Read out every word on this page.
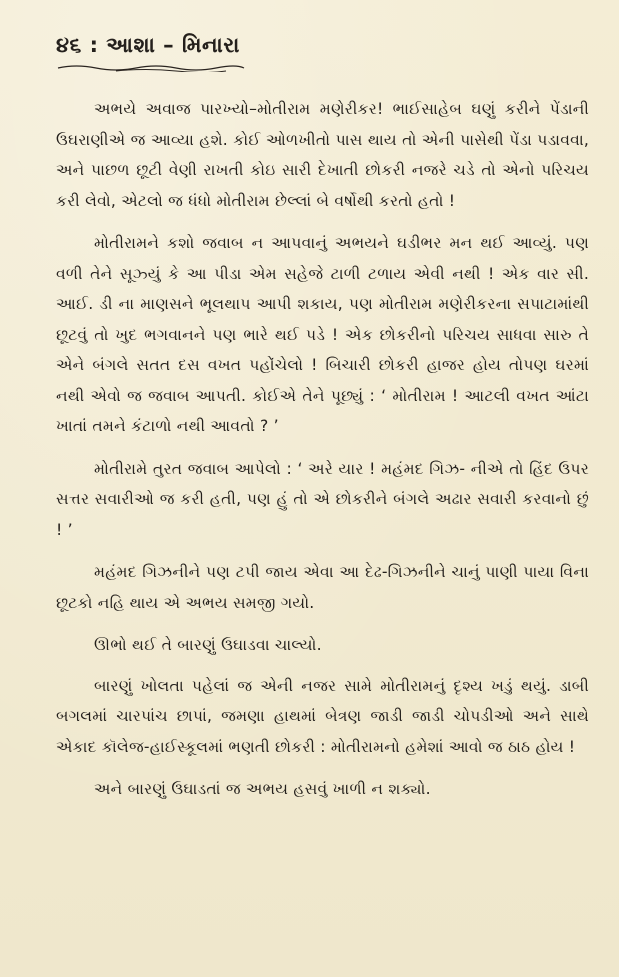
૪૬ : આશા – મિનારા

અભયે અવાજ પારખ્યો–મોતીરામ મણેરીકર! ભાઈસાહેબ ઘણું કરીને પેંડાની ઉઘરાણીએ જ આવ્યા હશે. કોઈ ઓળખીતો પાસ થાય તો એની પાસેથી પેંડા પડાવવા, અને પાછળ છૂટી વેણી રાખતી કોઇ સારી દેખાતી છોકરી નજરે ચડે તો એનો પરિચય કરી લેવો, એટલો જ ધંધો મોતીરામ છેલ્લાં બે વર્ષોથી કરતો હતો !

મોતીરામને કશો જવાબ ન આપવાનું અભયને ઘડીભર મન થઈ આવ્યું. પણ વળી તેને સૂઝ્યું કે આ પીડા એમ સહેજે ટાળી ટળાય એવી નથી ! એક વાર સી. આઈ. ડી ના માણસને ભૂલથાપ આપી શકાય, પણ મોતીરામ મણેરીકરના સપાટામાંથી છૂટવું તો ખુદ ભગવાનને પણ ભારે થઈ પડે ! એક છોકરીનો પરિચય સાધવા સારુ તે એને બંગલે સતત દસ વખત પહોંચેલો ! બિચારી છોકરી હાજર હોય તોપણ ઘરમાં નથી એવો જ જવાબ આપતી. કોઈએ તેને પૂછ્યું : ‘ મોતીરામ ! આટલી વખત આંટા ખાતાં તમને કંટાળો નથી આવતો ? ’

મોતીરામે તુરત જવાબ આપેલો : ‘ અરે યાર ! મહંમદ ગિઝ- નીએ તો હિંદ ઉપર સત્તર સવારીઓ જ કરી હતી, પણ હું તો એ છોકરીને બંગલે અઢાર સવારી કરવાનો છું ! ’

મહંમદ ગિઝનીને પણ ટપી જાય એવા આ દેઢ-ગિઝનીને ચાનું પાણી પાયા વિના છૂટકો નહિ થાય એ અભય સમજી ગયો.

ઊભો થઈ તે બારણું ઉઘાડવા ચાલ્યો.

બારણું ખોલતા પહેલાં જ એની નજર સામે મોતીરામનું દૃશ્ય ખડું થયું. ડાબી બગલમાં ચારપાંચ છાપાં, જમણા હાથમાં બેત્રણ જાડી જાડી ચોપડીઓ અને સાથે એકાદ કૉલેજ-હાઈસ્કૂલમાં ભણતી છોકરી : મોતીરામનો હમેશાં આવો જ ઠાઠ હોય !

અને બારણું ઉઘાડતાં જ અભય હસવું ખાળી ન શક્યો.
